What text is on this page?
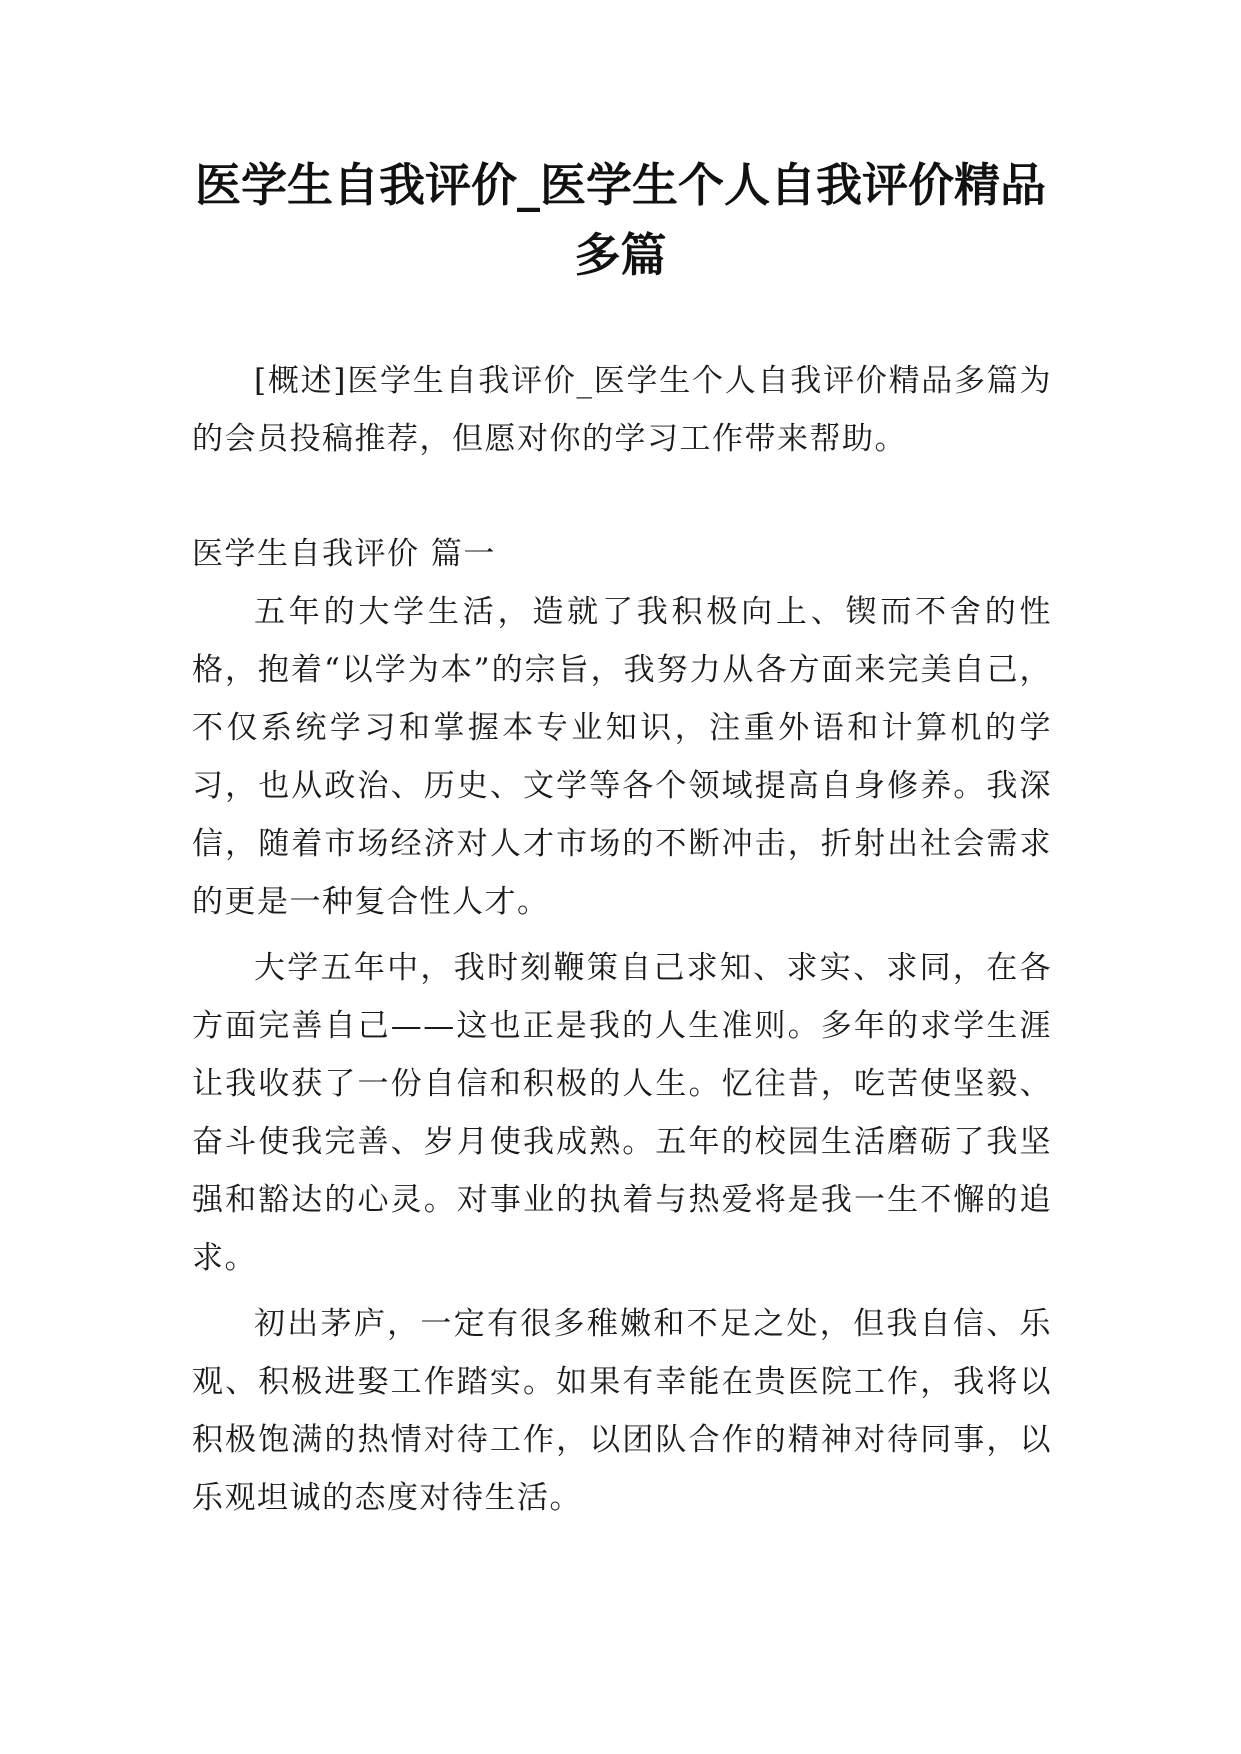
医学生自我评价_医学生个人自我评价精品
多篇

[概述]医学生自我评价_医学生个人自我评价精品多篇为的会员投稿推荐，但愿对你的学习工作带来帮助。

医学生自我评价 篇一

五年的大学生活，造就了我积极向上、锲而不舍的性格，抱着“以学为本”的宗旨，我努力从各方面来完美自己，不仅系统学习和掌握本专业知识，注重外语和计算机的学习，也从政治、历史、文学等各个领域提高自身修养。我深信，随着市场经济对人才市场的不断冲击，折射出社会需求的更是一种复合性人才。

大学五年中，我时刻鞭策自己求知、求实、求同，在各方面完善自己——这也正是我的人生准则。多年的求学生涯让我收获了一份自信和积极的人生。忆往昔，吃苦使坚毅、奋斗使我完善、岁月使我成熟。五年的校园生活磨砺了我坚强和豁达的心灵。对事业的执着与热爱将是我一生不懈的追求。

初出茅庐，一定有很多稚嫩和不足之处，但我自信、乐观、积极进娶工作踏实。如果有幸能在贵医院工作，我将以积极饱满的热情对待工作，以团队合作的精神对待同事，以乐观坦诚的态度对待生活。
